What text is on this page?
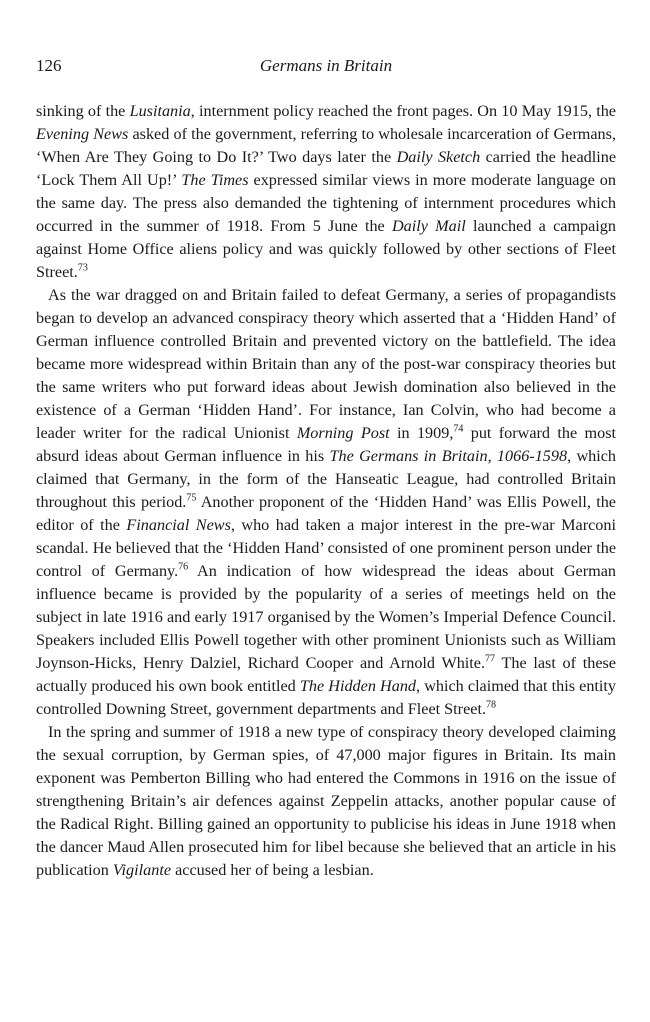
126	Germans in Britain

sinking of the Lusitania, internment policy reached the front pages. On 10 May 1915, the Evening News asked of the government, referring to wholesale incarceration of Germans, ‘When Are They Going to Do It?’ Two days later the Daily Sketch carried the headline ‘Lock Them All Up!’ The Times expressed similar views in more moderate language on the same day. The press also demanded the tightening of internment procedures which occurred in the summer of 1918. From 5 June the Daily Mail launched a campaign against Home Office aliens policy and was quickly followed by other sections of Fleet Street.$^{73}$

As the war dragged on and Britain failed to defeat Germany, a series of propagandists began to develop an advanced conspiracy theory which asserted that a ‘Hidden Hand’ of German influence controlled Britain and prevented victory on the battlefield. The idea became more widespread within Britain than any of the post-war conspiracy theories but the same writers who put forward ideas about Jewish domination also believed in the existence of a German ‘Hidden Hand’. For instance, Ian Colvin, who had become a leader writer for the radical Unionist Morning Post in 1909,74 put forward the most absurd ideas about German influence in his The Germans in Britain, 1066-1598, which claimed that Germany, in the form of the Hanseatic League, had controlled Britain throughout this period.$^{75}$ Another proponent of the ‘Hidden Hand’ was Ellis Powell, the editor of the Financial News, who had taken a major interest in the pre-war Marconi scandal. He believed that the ‘Hidden Hand’ consisted of one prominent person under the control of Germany.$^{76}$ An indication of how widespread the ideas about German influence became is provided by the popularity of a series of meetings held on the subject in late 1916 and early 1917 organised by the Women’s Imperial Defence Council. Speakers included Ellis Powell together with other prominent Unionists such as William Joynson-Hicks, Henry Dalziel, Richard Cooper and Arnold White.$^{77}$ The last of these actually produced his own book entitled The Hidden Hand, which claimed that this entity controlled Downing Street, government departments and Fleet Street.$^{78}$

In the spring and summer of 1918 a new type of conspiracy theory developed claiming the sexual corruption, by German spies, of 47,000 major figures in Britain. Its main exponent was Pemberton Billing who had entered the Commons in 1916 on the issue of strengthening Britain’s air defences against Zeppelin attacks, another popular cause of the Radical Right. Billing gained an opportunity to publicise his ideas in June 1918 when the dancer Maud Allen prosecuted him for libel because she believed that an article in his publication Vigilante accused her of being a lesbian.
